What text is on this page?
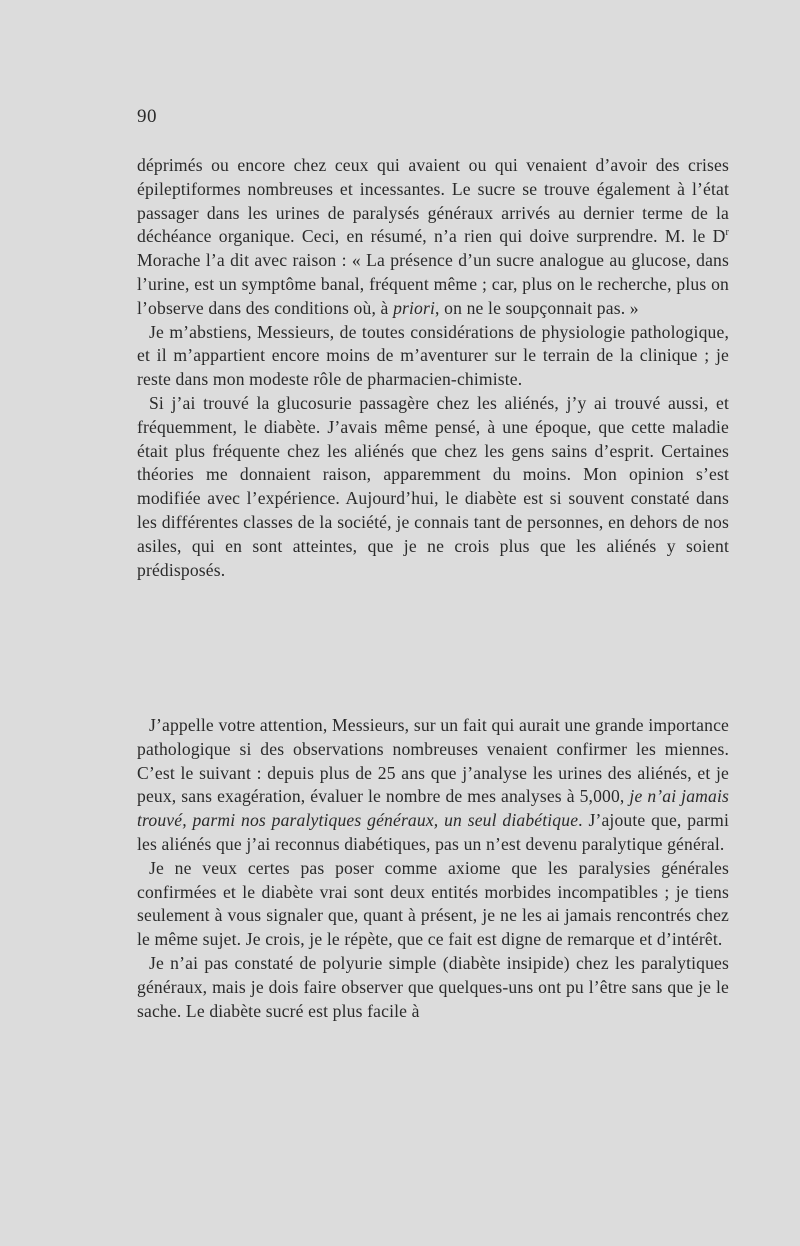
90

déprimés ou encore chez ceux qui avaient ou qui venaient d’avoir des crises épileptiformes nombreuses et incessantes. Le sucre se trouve également à l’état passager dans les urines de paralysés généraux arrivés au dernier terme de la déchéance organique. Ceci, en résumé, n’a rien qui doive surprendre. M. le $D^r$ Morache l’a dit avec raison : « La présence d’un sucre analogue au glucose, dans l’urine, est un symptôme banal, fréquent même ; car, plus on le recherche, plus on l’observe dans des conditions où, à priori, on ne le soupçonnait pas. »

Je m’abstiens, Messieurs, de toutes considérations de physiologie pathologique, et il m’appartient encore moins de m’aventurer sur le terrain de la clinique ; je reste dans mon modeste rôle de pharmacien-chimiste.

Si j’ai trouvé la glucosurie passagère chez les aliénés, j’y ai trouvé aussi, et fréquemment, le diabète. J’avais même pensé, à une époque, que cette maladie était plus fréquente chez les aliénés que chez les gens sains d’esprit. Certaines théories me donnaient raison, apparemment du moins. Mon opinion s’est modifiée avec l’expérience. Aujourd’hui, le diabète est si souvent constaté dans les différentes classes de la société, je connais tant de personnes, en dehors de nos asiles, qui en sont atteintes, que je ne crois plus que les aliénés y soient prédisposés.

J’appelle votre attention, Messieurs, sur un fait qui aurait une grande importance pathologique si des observations nombreuses venaient confirmer les miennes. C’est le suivant : depuis plus de 25 ans que j’analyse les urines des aliénés, et je peux, sans exagération, évaluer le nombre de mes analyses à 5,000, je n’ai jamais trouvé, parmi nos paralytiques généraux, un seul diabétique. J’ajoute que, parmi les aliénés que j’ai reconnus diabétiques, pas un n’est devenu paralytique général.

Je ne veux certes pas poser comme axiome que les paralysies générales confirmées et le diabète vrai sont deux entités morbides incompatibles ; je tiens seulement à vous signaler que, quant à présent, je ne les ai jamais rencontrés chez le même sujet. Je crois, je le répète, que ce fait est digne de remarque et d’intérêt.

Je n’ai pas constaté de polyurie simple (diabète insipide) chez les paralytiques généraux, mais je dois faire observer que quelques-uns ont pu l’être sans que je le sache. Le diabète sucré est plus facile à
